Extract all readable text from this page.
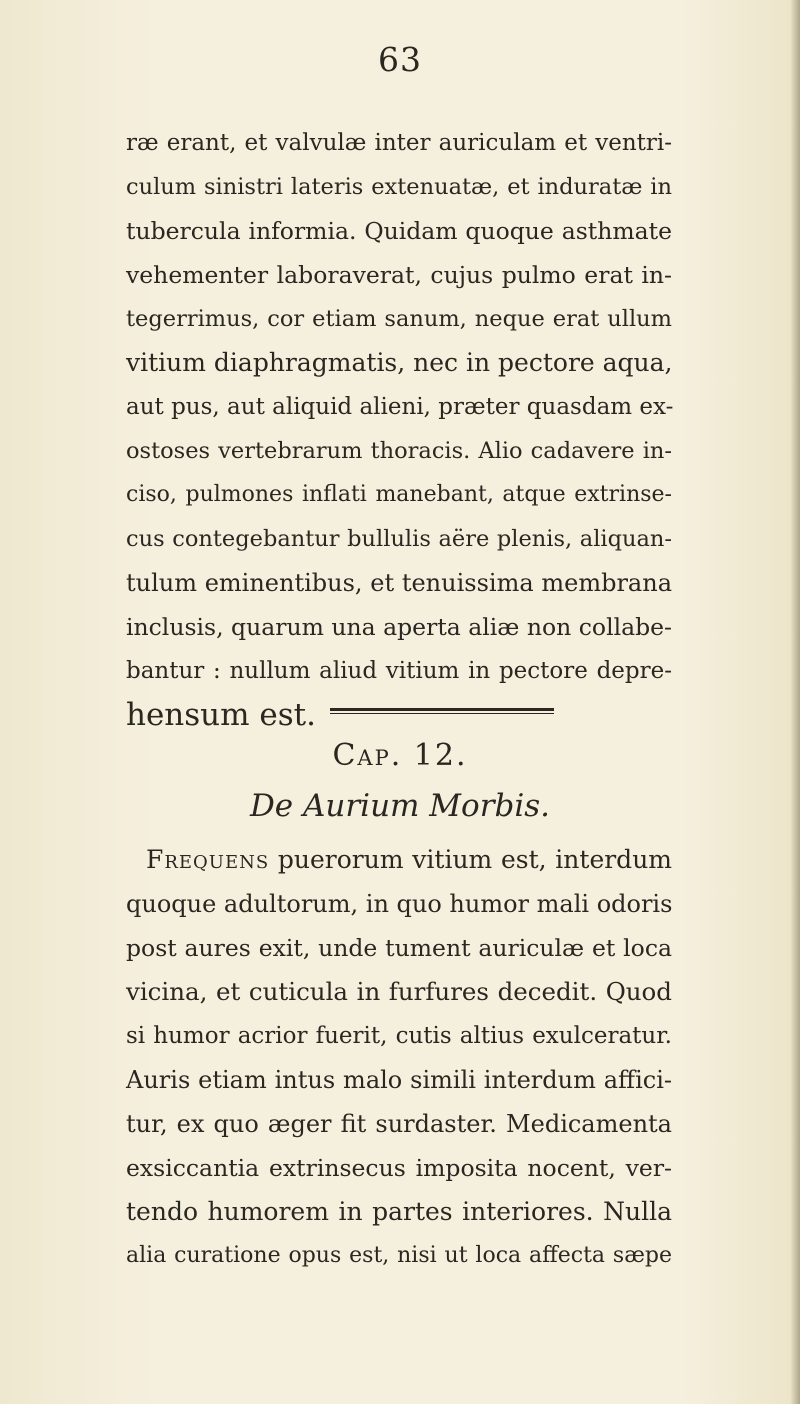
63
ræ erant, et valvulæ inter auriculam et ventri-
culum sinistri lateris extenuatæ, et induratæ in
tubercula informia. Quidam quoque asthmate
vehementer laboraverat, cujus pulmo erat in-
tegerrimus, cor etiam sanum, neque erat ullum
vitium diaphragmatis, nec in pectore aqua,
aut pus, aut aliquid alieni, præter quasdam ex-
ostoses vertebrarum thoracis. Alio cadavere in-
ciso, pulmones inflati manebant, atque extrinse-
cus contegebantur bullulis aëre plenis, aliquan-
tulum eminentibus, et tenuissima membrana
inclusis, quarum una aperta aliæ non collabe-
bantur : nullum aliud vitium in pectore depre-
hensum est.
Cap. 12.
De Aurium Morbis.
Frequens puerorum vitium est, interdum
quoque adultorum, in quo humor mali odoris
post aures exit, unde tument auriculæ et loca
vicina, et cuticula in furfures decedit. Quod
si humor acrior fuerit, cutis altius exulceratur.
Auris etiam intus malo simili interdum affici-
tur, ex quo æger fit surdaster. Medicamenta
exsiccantia extrinsecus imposita nocent, ver-
tendo humorem in partes interiores. Nulla
alia curatione opus est, nisi ut loca affecta sæpe
